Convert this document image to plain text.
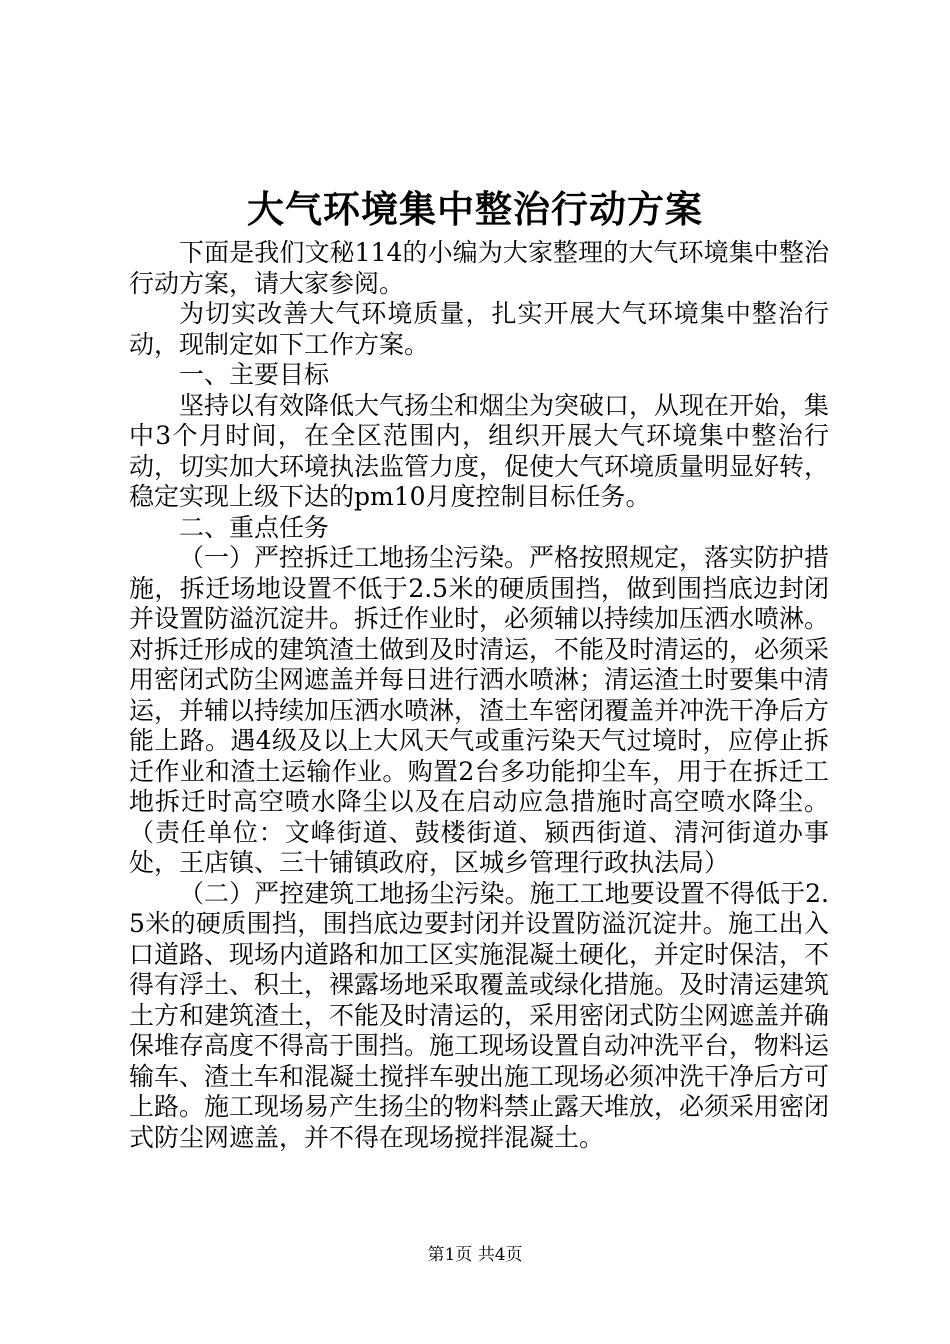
大气环境集中整治行动方案

下面是我们文秘114的小编为大家整理的大气环境集中整治行动方案，请大家参阅。

为切实改善大气环境质量，扎实开展大气环境集中整治行动，现制定如下工作方案。

一、主要目标

坚持以有效降低大气扬尘和烟尘为突破口，从现在开始，集中3个月时间，在全区范围内，组织开展大气环境集中整治行动，切实加大环境执法监管力度，促使大气环境质量明显好转，稳定实现上级下达的pm10月度控制目标任务。

二、重点任务

（一）严控拆迁工地扬尘污染。严格按照规定，落实防护措施，拆迁场地设置不低于2.5米的硬质围挡，做到围挡底边封闭并设置防溢沉淀井。拆迁作业时，必须辅以持续加压洒水喷淋。对拆迁形成的建筑渣土做到及时清运，不能及时清运的，必须采用密闭式防尘网遮盖并每日进行洒水喷淋；清运渣土时要集中清运，并辅以持续加压洒水喷淋，渣土车密闭覆盖并冲洗干净后方能上路。遇4级及以上大风天气或重污染天气过境时，应停止拆迁作业和渣土运输作业。购置2台多功能抑尘车，用于在拆迁工地拆迁时高空喷水降尘以及在启动应急措施时高空喷水降尘。（责任单位：文峰街道、鼓楼街道、颍西街道、清河街道办事处，王店镇、三十铺镇政府，区城乡管理行政执法局）

（二）严控建筑工地扬尘污染。施工工地要设置不得低于2.5米的硬质围挡，围挡底边要封闭并设置防溢沉淀井。施工出入口道路、现场内道路和加工区实施混凝土硬化，并定时保洁，不得有浮土、积土，裸露场地采取覆盖或绿化措施。及时清运建筑土方和建筑渣土，不能及时清运的，采用密闭式防尘网遮盖并确保堆存高度不得高于围挡。施工现场设置自动冲洗平台，物料运输车、渣土车和混凝土搅拌车驶出施工现场必须冲洗干净后方可上路。施工现场易产生扬尘的物料禁止露天堆放，必须采用密闭式防尘网遮盖，并不得在现场搅拌混凝土。

第1页 共4页
